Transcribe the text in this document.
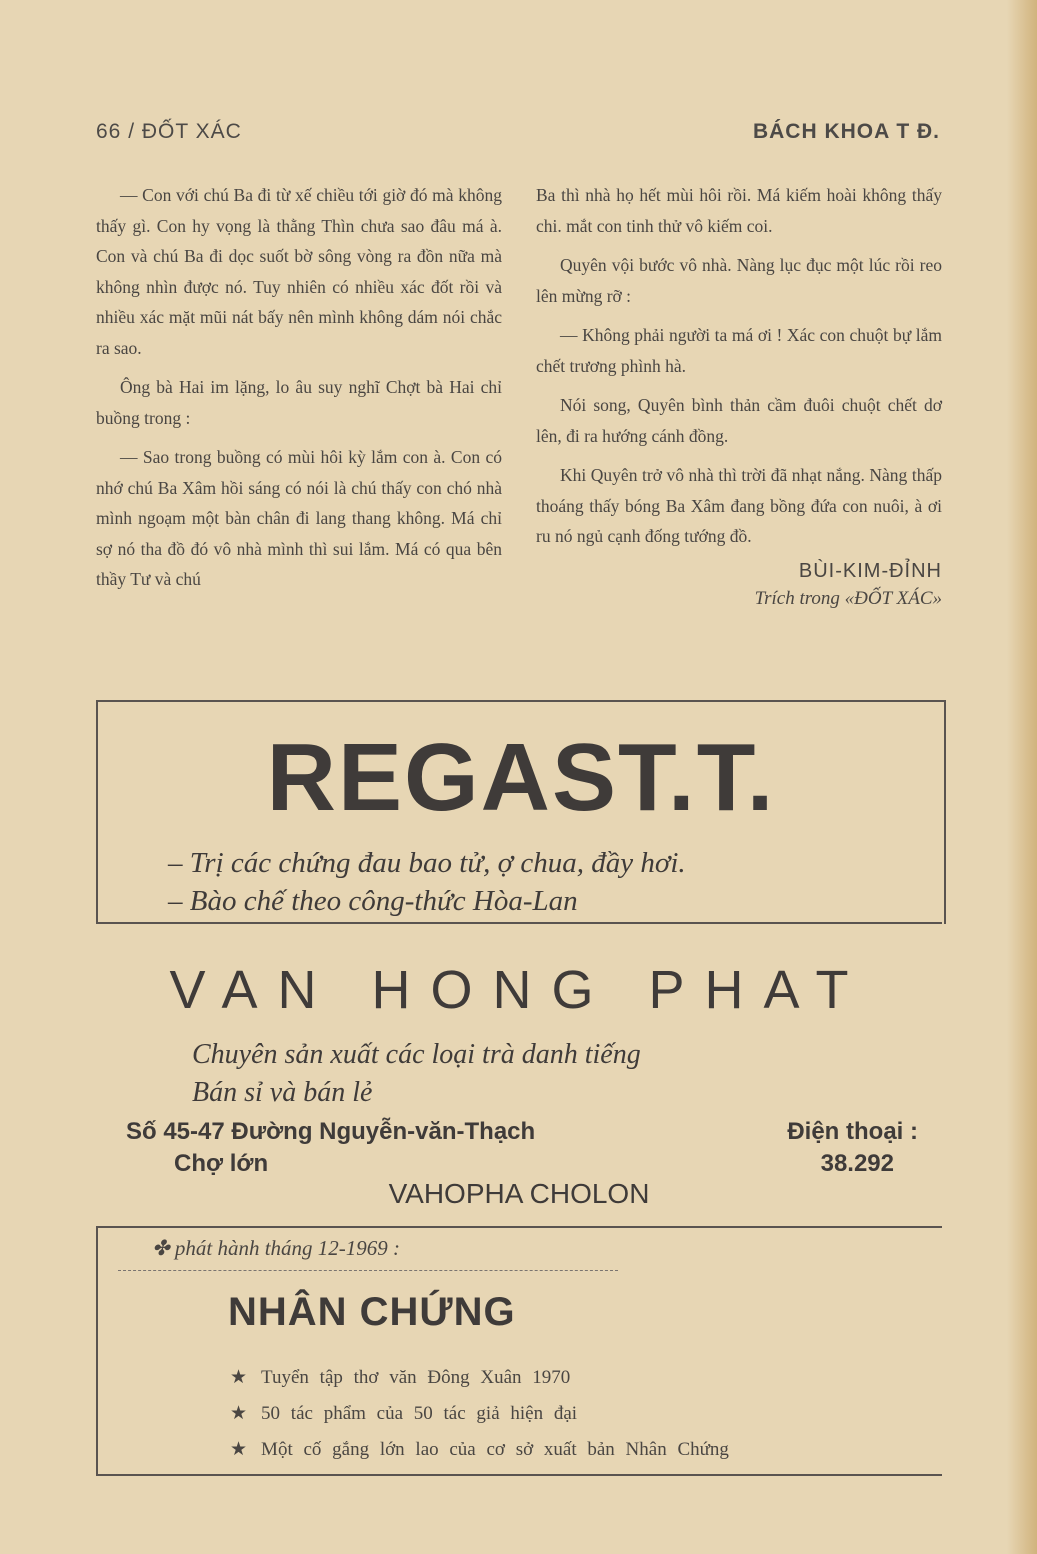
66 / ĐỐT XÁC	BÁCH KHOA T Đ.

— Con với chú Ba đi từ xế chiều tới giờ đó mà không thấy gì. Con hy vọng là thằng Thìn chưa sao đâu má à. Con và chú Ba đi dọc suốt bờ sông vòng ra đồn nữa mà không nhìn được nó. Tuy nhiên có nhiều xác đốt rồi và nhiều xác mặt mũi nát bấy nên mình không dám nói chắc ra sao.

Ông bà Hai im lặng, lo âu suy nghĩ Chợt bà Hai chỉ buồng trong :

— Sao trong buồng có mùi hôi kỳ lắm con à. Con có nhớ chú Ba Xâm hồi sáng có nói là chú thấy con chó nhà mình ngoạm một bàn chân đi lang thang không. Má chỉ sợ nó tha đồ đó vô nhà mình thì sui lắm. Má có qua bên thầy Tư và chú

Ba thì nhà họ hết mùi hôi rồi. Má kiếm hoài không thấy chi. mắt con tinh thử vô kiếm coi.

Quyên vội bước vô nhà. Nàng lục đục một lúc rồi reo lên mừng rỡ :

— Không phải người ta má ơi ! Xác con chuột bự lắm chết trương phình hà.

Nói song, Quyên bình thản cầm đuôi chuột chết dơ lên, đi ra hướng cánh đồng.

Khi Quyên trở vô nhà thì trời đã nhạt nắng. Nàng thấp thoáng thấy bóng Ba Xâm đang bồng đứa con nuôi, à ơi ru nó ngủ cạnh đống tướng đồ.

BÙI-KIM-ĐỈNH
Trích trong «ĐỐT XÁC»
REGAST.T.
– Trị các chứng đau bao tử, ợ chua, đầy hơi.
– Bào chế theo công-thức Hòa-Lan
VAN HONG PHAT
Chuyên sản xuất các loại trà danh tiếng
Bán sỉ và bán lẻ
Số 45-47 Đường Nguyễn-văn-Thạch
Chợ lớn
Điện thoại :
38.292
VAHOPHA CHOLON
✤ phát hành tháng 12-1969 :
NHÂN CHỨNG
★ Tuyển tập thơ văn Đông Xuân 1970
★ 50 tác phẩm của 50 tác giả hiện đại
★ Một cố gắng lớn lao của cơ sở xuất bản Nhân Chứng
